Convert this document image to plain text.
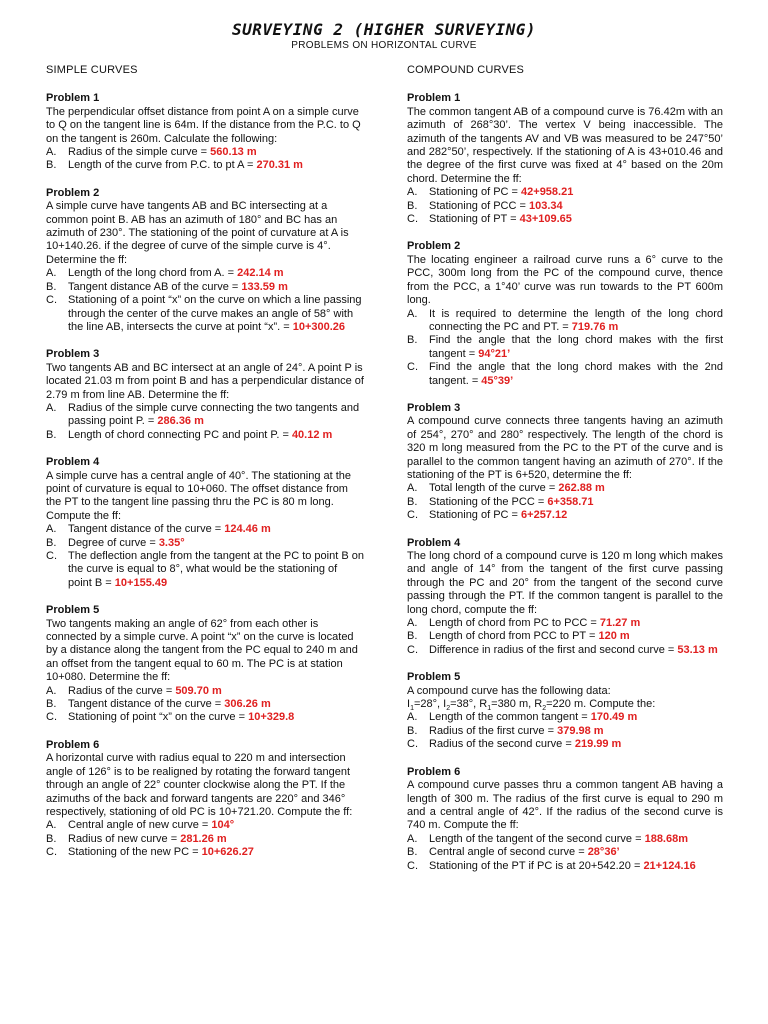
SURVEYING 2 (HIGHER SURVEYING)
PROBLEMS ON HORIZONTAL CURVE
SIMPLE CURVES
Problem 1
The perpendicular offset distance from point A on a simple curve to Q on the tangent line is 64m. If the distance from the P.C. to Q on the tangent is 260m. Calculate the following:
A.	Radius of the simple curve = 560.13 m
B.	Length of the curve from P.C. to pt A = 270.31 m
Problem 2
A simple curve have tangents AB and BC intersecting at a common point B. AB has an azimuth of 180° and BC has an azimuth of 230°. The stationing of the point of curvature at A is 10+140.26. if the degree of curve of the simple curve is 4°. Determine the ff:
A.	Length of the long chord from A. = 242.14 m
B.	Tangent distance AB of the curve = 133.59 m
C.	Stationing of a point “x” on the curve on which a line passing through the center of the curve makes an angle of 58° with the line AB, intersects the curve at point “x”. = 10+300.26
Problem 3
Two tangents AB and BC intersect at an angle of 24°. A point P is located 21.03 m from point B and has a perpendicular distance of 2.79 m from line AB. Determine the ff:
A.	Radius of the simple curve connecting the two tangents and passing point P. = 286.36 m
B.	Length of chord connecting PC and point P. = 40.12 m
Problem 4
A simple curve has a central angle of 40°. The stationing at the point of curvature is equal to 10+060. The offset distance from the PT to the tangent line passing thru the PC is 80 m long. Compute the ff:
A.	Tangent distance of the curve = 124.46 m
B.	Degree of curve = 3.35°
C.	The deflection angle from the tangent at the PC to point B on the curve is equal to 8°, what would be the stationing of point B = 10+155.49
Problem 5
Two tangents making an angle of 62° from each other is connected by a simple curve. A point “x” on the curve is located by a distance along the tangent from the PC equal to 240 m and an offset from the tangent equal to 60 m. The PC is at station 10+080. Determine the ff:
A.	Radius of the curve = 509.70 m
B.	Tangent distance of the curve = 306.26 m
C.	Stationing of point “x” on the curve = 10+329.8
Problem 6
A horizontal curve with radius equal to 220 m and intersection angle of 126° is to be realigned by rotating the forward tangent through an angle of 22° counter clockwise along the PT. If the azimuths of the back and forward tangents are 220° and 346° respectively, stationing of old PC is 10+721.20. Compute the ff:
A.	Central angle of new curve = 104°
B.	Radius of new curve = 281.26 m
C.	Stationing of the new PC = 10+626.27
COMPOUND CURVES
Problem 1
The common tangent AB of a compound curve is 76.42m with an azimuth of 268°30’. The vertex V being inaccessible. The azimuth of the tangents AV and VB was measured to be 247°50’ and 282°50’, respectively. If the stationing of A is 43+010.46 and the degree of the first curve was fixed at 4° based on the 20m chord. Determine the ff:
A.	Stationing of PC = 42+958.21
B.	Stationing of PCC = 103.34
C.	Stationing of PT = 43+109.65
Problem 2
The locating engineer a railroad curve runs a 6° curve to the PCC, 300m long from the PC of the compound curve, thence from the PCC, a 1°40’ curve was run towards to the PT 600m long.
A.	It is required to determine the length of the long chord connecting the PC and PT. = 719.76 m
B.	Find the angle that the long chord makes with the first tangent = 94°21’
C.	Find the angle that the long chord makes with the 2nd tangent. = 45°39’
Problem 3
A compound curve connects three tangents having an azimuth of 254°, 270° and 280° respectively. The length of the chord is 320 m long measured from the PC to the PT of the curve and is parallel to the common tangent having an azimuth of 270°. If the stationing of the PT is 6+520, determine the ff:
A.	Total length of the curve = 262.88 m
B.	Stationing of the PCC = 6+358.71
C.	Stationing of PC = 6+257.12
Problem 4
The long chord of a compound curve is 120 m long which makes and angle of 14° from the tangent of the first curve passing through the PC and 20° from the tangent of the second curve passing through the PT. If the common tangent is parallel to the long chord, compute the ff:
A.	Length of chord from PC to PCC = 71.27 m
B.	Length of chord from PCC to PT = 120 m
C.	Difference in radius of the first and second curve = 53.13 m
Problem 5
A compound curve has the following data:
$I_1=28^\circ$, $I_2=38^\circ$, $R_1=380$ m, $R_2=220$ m. Compute the:
A.	Length of the common tangent = 170.49 m
B.	Radius of the first curve = 379.98 m
C.	Radius of the second curve = 219.99 m
Problem 6
A compound curve passes thru a common tangent AB having a length of 300 m. The radius of the first curve is equal to 290 m and a central angle of 42°. If the radius of the second curve is 740 m. Compute the ff:
A.	Length of the tangent of the second curve = 188.68m
B.	Central angle of second curve = 28°36’
C.	Stationing of the PT if PC is at 20+542.20 = 21+124.16
